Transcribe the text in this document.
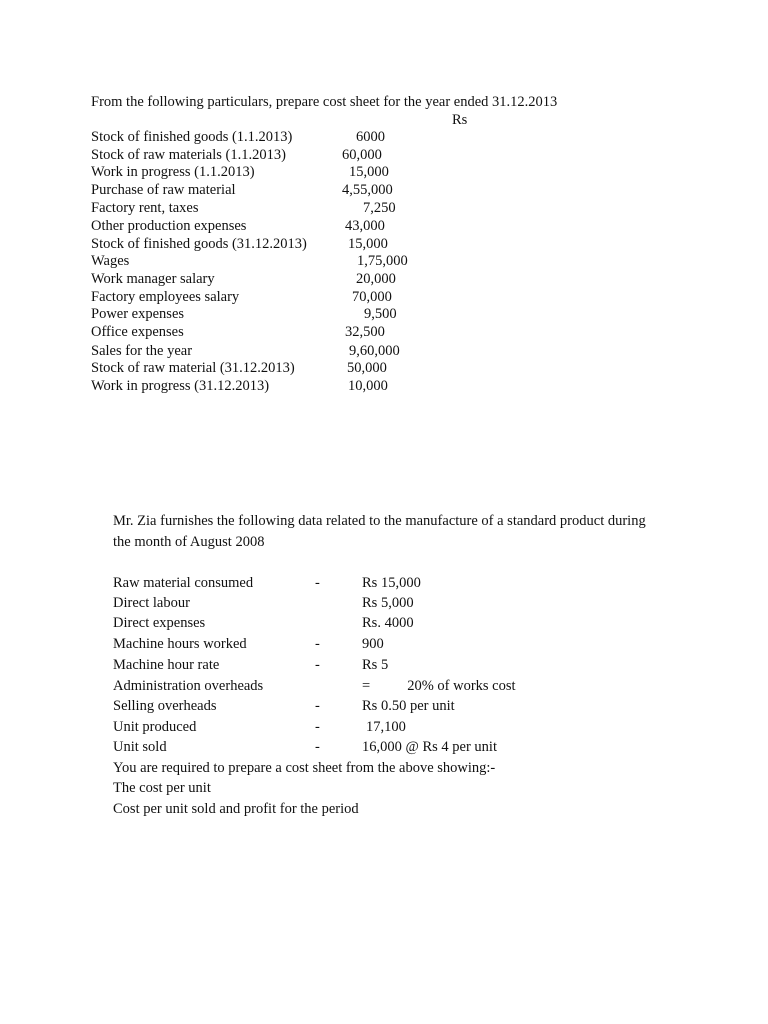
From the following particulars, prepare cost sheet for the year ended 31.12.2013
Rs
Stock of finished goods (1.1.2013)	6000
Stock of raw materials (1.1.2013)	60,000
Work in progress (1.1.2013)	15,000
Purchase of raw material	4,55,000
Factory rent, taxes	7,250
Other production expenses	43,000
Stock of finished goods (31.12.2013)	15,000
Wages	1,75,000
Work manager salary	20,000
Factory employees salary	70,000
Power expenses	9,500
Office expenses	32,500
Sales for the year	9,60,000
Stock of raw material (31.12.2013)	50,000
Work in progress (31.12.2013)	10,000
Mr. Zia furnishes the following data related to the manufacture of a standard product during
the month of August 2008
Raw material consumed	-	Rs 15,000
Direct labour	Rs 5,000
Direct expenses	Rs. 4000
Machine hours worked	-	900
Machine hour rate	-	Rs 5
Administration overheads	=	20% of works cost
Selling overheads	-	Rs 0.50 per unit
Unit produced	-	17,100
Unit sold	-	16,000 @ Rs 4 per unit
You are required to prepare a cost sheet from the above showing:-
The cost per unit
Cost per unit sold and profit for the period
